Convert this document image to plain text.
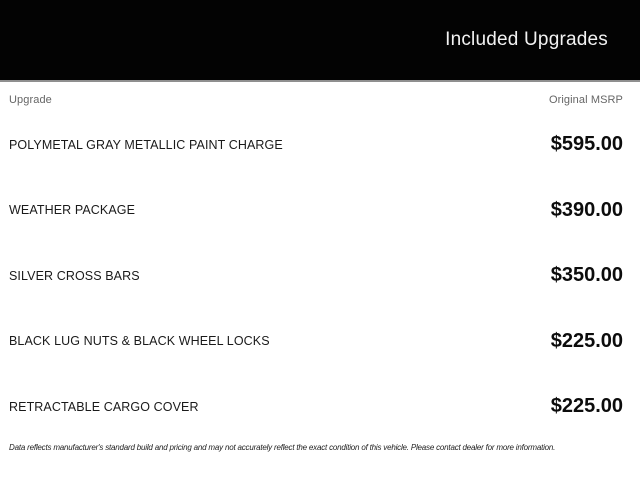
Included Upgrades
Upgrade	Original MSRP
POLYMETAL GRAY METALLIC PAINT CHARGE	$595.00
WEATHER PACKAGE	$390.00
SILVER CROSS BARS	$350.00
BLACK LUG NUTS & BLACK WHEEL LOCKS	$225.00
RETRACTABLE CARGO COVER	$225.00

Data reflects manufacturer's standard build and pricing and may not accurately reflect the exact condition of this vehicle. Please contact dealer for more information.
